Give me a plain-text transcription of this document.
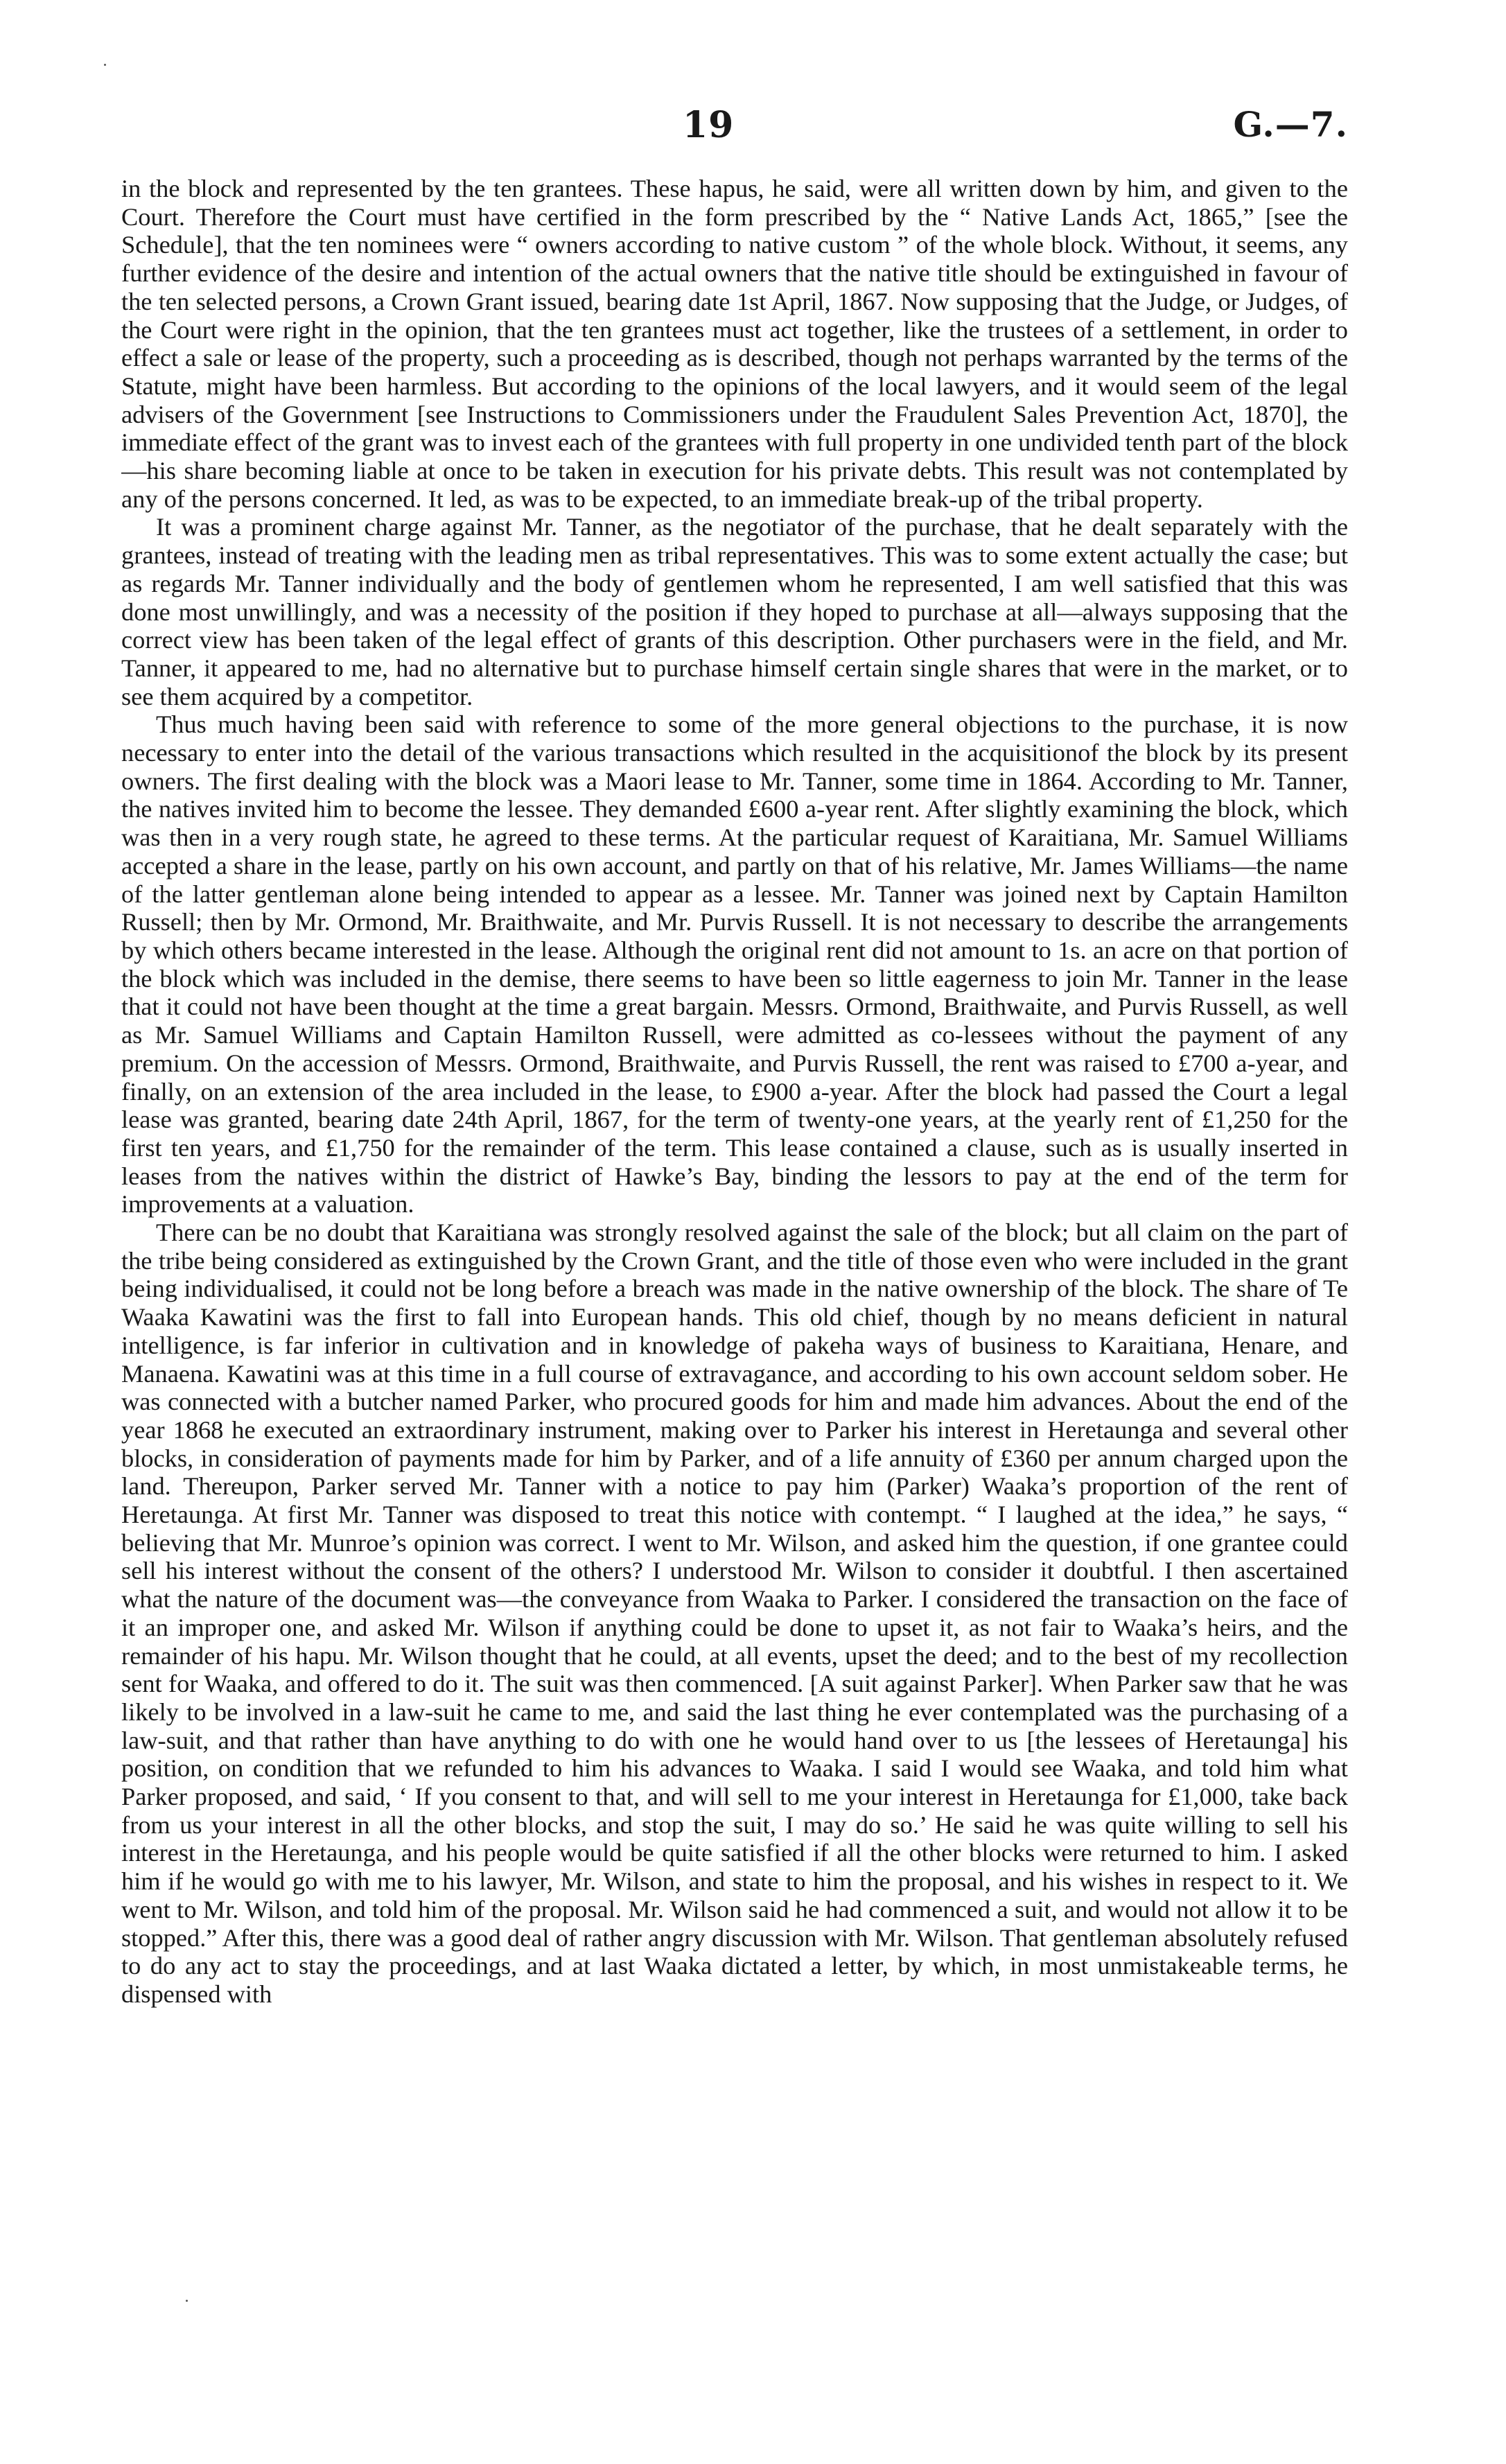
19	G.—7.

in the block and represented by the ten grantees. These hapus, he said, were all written down by him, and given to the Court. Therefore the Court must have certified in the form prescribed by the “ Native Lands Act, 1865,” [see the Schedule], that the ten nominees were “ owners according to native custom ” of the whole block. Without, it seems, any further evidence of the desire and intention of the actual owners that the native title should be extinguished in favour of the ten selected persons, a Crown Grant issued, bearing date 1st April, 1867. Now supposing that the Judge, or Judges, of the Court were right in the opinion, that the ten grantees must act together, like the trustees of a settlement, in order to effect a sale or lease of the property, such a proceeding as is described, though not perhaps warranted by the terms of the Statute, might have been harmless. But according to the opinions of the local lawyers, and it would seem of the legal advisers of the Government [see Instructions to Commissioners under the Fraudulent Sales Prevention Act, 1870], the immediate effect of the grant was to invest each of the grantees with full property in one undivided tenth part of the block—his share becoming liable at once to be taken in execution for his private debts. This result was not contemplated by any of the persons concerned. It led, as was to be expected, to an immediate break-up of the tribal property.

It was a prominent charge against Mr. Tanner, as the negotiator of the purchase, that he dealt separately with the grantees, instead of treating with the leading men as tribal representatives. This was to some extent actually the case; but as regards Mr. Tanner individually and the body of gentlemen whom he represented, I am well satisfied that this was done most unwillingly, and was a necessity of the position if they hoped to purchase at all—always supposing that the correct view has been taken of the legal effect of grants of this description. Other purchasers were in the field, and Mr. Tanner, it appeared to me, had no alternative but to purchase himself certain single shares that were in the market, or to see them acquired by a competitor.

Thus much having been said with reference to some of the more general objections to the purchase, it is now necessary to enter into the detail of the various transactions which resulted in the acquisitionof the block by its present owners. The first dealing with the block was a Maori lease to Mr. Tanner, some time in 1864. According to Mr. Tanner, the natives invited him to become the lessee. They demanded £600 a-year rent. After slightly examining the block, which was then in a very rough state, he agreed to these terms. At the particular request of Karaitiana, Mr. Samuel Williams accepted a share in the lease, partly on his own account, and partly on that of his relative, Mr. James Williams—the name of the latter gentleman alone being intended to appear as a lessee. Mr. Tanner was joined next by Captain Hamilton Russell; then by Mr. Ormond, Mr. Braithwaite, and Mr. Purvis Russell. It is not necessary to describe the arrangements by which others became interested in the lease. Although the original rent did not amount to 1s. an acre on that portion of the block which was included in the demise, there seems to have been so little eagerness to join Mr. Tanner in the lease that it could not have been thought at the time a great bargain. Messrs. Ormond, Braithwaite, and Purvis Russell, as well as Mr. Samuel Williams and Captain Hamilton Russell, were admitted as co-lessees without the payment of any premium. On the accession of Messrs. Ormond, Braithwaite, and Purvis Russell, the rent was raised to £700 a-year, and finally, on an extension of the area included in the lease, to £900 a-year. After the block had passed the Court a legal lease was granted, bearing date 24th April, 1867, for the term of twenty-one years, at the yearly rent of £1,250 for the first ten years, and £1,750 for the remainder of the term. This lease contained a clause, such as is usually inserted in leases from the natives within the district of Hawke’s Bay, binding the lessors to pay at the end of the term for improvements at a valuation.

There can be no doubt that Karaitiana was strongly resolved against the sale of the block; but all claim on the part of the tribe being considered as extinguished by the Crown Grant, and the title of those even who were included in the grant being individualised, it could not be long before a breach was made in the native ownership of the block. The share of Te Waaka Kawatini was the first to fall into European hands. This old chief, though by no means deficient in natural intelligence, is far inferior in cultivation and in knowledge of pakeha ways of business to Karaitiana, Henare, and Manaena. Kawatini was at this time in a full course of extravagance, and according to his own account seldom sober. He was connected with a butcher named Parker, who procured goods for him and made him advances. About the end of the year 1868 he executed an extraordinary instrument, making over to Parker his interest in Heretaunga and several other blocks, in consideration of payments made for him by Parker, and of a life annuity of £360 per annum charged upon the land. Thereupon, Parker served Mr. Tanner with a notice to pay him (Parker) Waaka’s proportion of the rent of Heretaunga. At first Mr. Tanner was disposed to treat this notice with contempt. “ I laughed at the idea,” he says, “ believing that Mr. Munroe’s opinion was correct. I went to Mr. Wilson, and asked him the question, if one grantee could sell his interest without the consent of the others? I understood Mr. Wilson to consider it doubtful. I then ascertained what the nature of the document was—the conveyance from Waaka to Parker. I considered the transaction on the face of it an improper one, and asked Mr. Wilson if anything could be done to upset it, as not fair to Waaka’s heirs, and the remainder of his hapu. Mr. Wilson thought that he could, at all events, upset the deed; and to the best of my recollection sent for Waaka, and offered to do it. The suit was then commenced. [A suit against Parker]. When Parker saw that he was likely to be involved in a law-suit he came to me, and said the last thing he ever contemplated was the purchasing of a law-suit, and that rather than have anything to do with one he would hand over to us [the lessees of Heretaunga] his position, on condition that we refunded to him his advances to Waaka. I said I would see Waaka, and told him what Parker proposed, and said, ‘ If you consent to that, and will sell to me your interest in Heretaunga for £1,000, take back from us your interest in all the other blocks, and stop the suit, I may do so.’ He said he was quite willing to sell his interest in the Heretaunga, and his people would be quite satisfied if all the other blocks were returned to him. I asked him if he would go with me to his lawyer, Mr. Wilson, and state to him the proposal, and his wishes in respect to it. We went to Mr. Wilson, and told him of the proposal. Mr. Wilson said he had commenced a suit, and would not allow it to be stopped.” After this, there was a good deal of rather angry discussion with Mr. Wilson. That gentleman absolutely refused to do any act to stay the proceedings, and at last Waaka dictated a letter, by which, in most unmistakeable terms, he dispensed with
